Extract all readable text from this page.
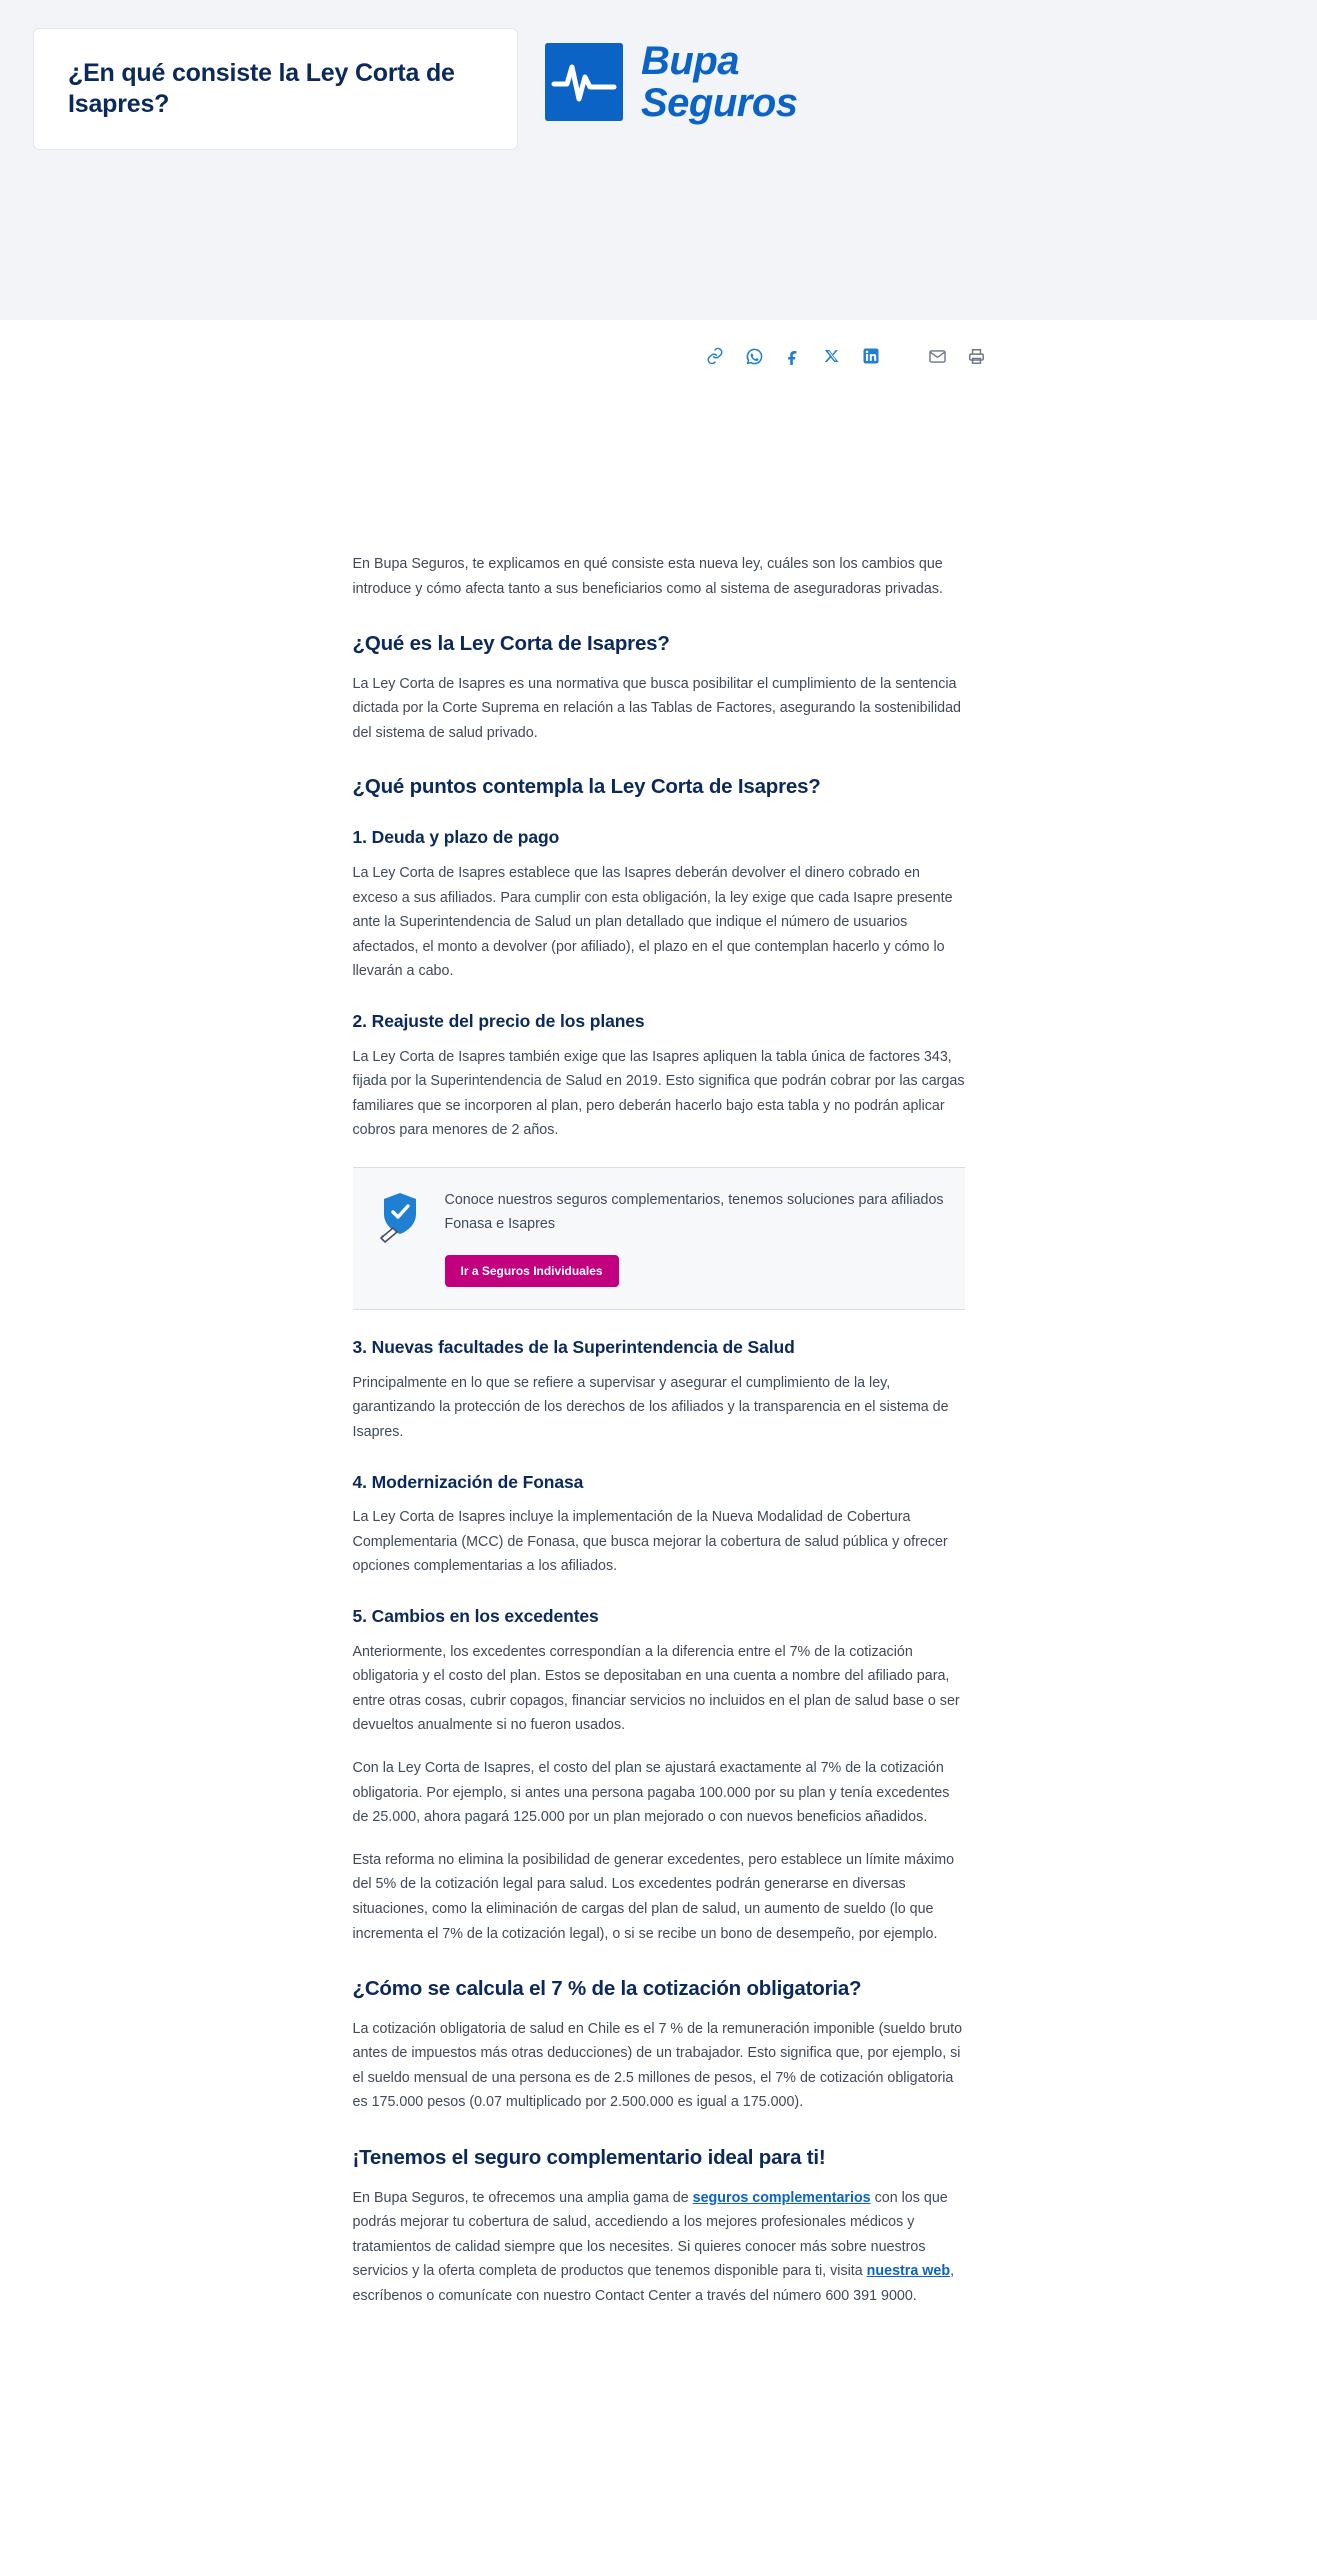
¿En qué consiste la Ley Corta de Isapres?
Bupa
Seguros

En Bupa Seguros, te explicamos en qué consiste esta nueva ley, cuáles son los cambios que introduce y cómo afecta tanto a sus beneficiarios como al sistema de aseguradoras privadas.

¿Qué es la Ley Corta de Isapres?

La Ley Corta de Isapres es una normativa que busca posibilitar el cumplimiento de la sentencia dictada por la Corte Suprema en relación a las Tablas de Factores, asegurando la sostenibilidad del sistema de salud privado.

¿Qué puntos contempla la Ley Corta de Isapres?
1. Deuda y plazo de pago

La Ley Corta de Isapres establece que las Isapres deberán devolver el dinero cobrado en exceso a sus afiliados. Para cumplir con esta obligación, la ley exige que cada Isapre presente ante la Superintendencia de Salud un plan detallado que indique el número de usuarios afectados, el monto a devolver (por afiliado), el plazo en el que contemplan hacerlo y cómo lo llevarán a cabo.

2. Reajuste del precio de los planes

La Ley Corta de Isapres también exige que las Isapres apliquen la tabla única de factores 343, fijada por la Superintendencia de Salud en 2019. Esto significa que podrán cobrar por las cargas familiares que se incorporen al plan, pero deberán hacerlo bajo esta tabla y no podrán aplicar cobros para menores de 2 años.

Conoce nuestros seguros complementarios, tenemos soluciones para afiliados Fonasa e Isapres

Ir a Seguros Individuales
3. Nuevas facultades de la Superintendencia de Salud

Principalmente en lo que se refiere a supervisar y asegurar el cumplimiento de la ley, garantizando la protección de los derechos de los afiliados y la transparencia en el sistema de Isapres.

4. Modernización de Fonasa

La Ley Corta de Isapres incluye la implementación de la Nueva Modalidad de Cobertura Complementaria (MCC) de Fonasa, que busca mejorar la cobertura de salud pública y ofrecer opciones complementarias a los afiliados.

5. Cambios en los excedentes

Anteriormente, los excedentes correspondían a la diferencia entre el 7% de la cotización obligatoria y el costo del plan. Estos se depositaban en una cuenta a nombre del afiliado para, entre otras cosas, cubrir copagos, financiar servicios no incluidos en el plan de salud base o ser devueltos anualmente si no fueron usados.

Con la Ley Corta de Isapres, el costo del plan se ajustará exactamente al 7% de la cotización obligatoria. Por ejemplo, si antes una persona pagaba 100.000 por su plan y tenía excedentes de 25.000, ahora pagará 125.000 por un plan mejorado o con nuevos beneficios añadidos.

Esta reforma no elimina la posibilidad de generar excedentes, pero establece un límite máximo del 5% de la cotización legal para salud. Los excedentes podrán generarse en diversas situaciones, como la eliminación de cargas del plan de salud, un aumento de sueldo (lo que incrementa el 7% de la cotización legal), o si se recibe un bono de desempeño, por ejemplo.

¿Cómo se calcula el 7 % de la cotización obligatoria?

La cotización obligatoria de salud en Chile es el 7 % de la remuneración imponible (sueldo bruto antes de impuestos más otras deducciones) de un trabajador. Esto significa que, por ejemplo, si el sueldo mensual de una persona es de 2.5 millones de pesos, el 7% de cotización obligatoria es 175.000 pesos (0.07 multiplicado por 2.500.000 es igual a 175.000).

¡Tenemos el seguro complementario ideal para ti!

En Bupa Seguros, te ofrecemos una amplia gama de seguros complementarios con los que podrás mejorar tu cobertura de salud, accediendo a los mejores profesionales médicos y tratamientos de calidad siempre que los necesites. Si quieres conocer más sobre nuestros servicios y la oferta completa de productos que tenemos disponible para ti, visita nuestra web, escríbenos o comunícate con nuestro Contact Center a través del número 600 391 9000.
